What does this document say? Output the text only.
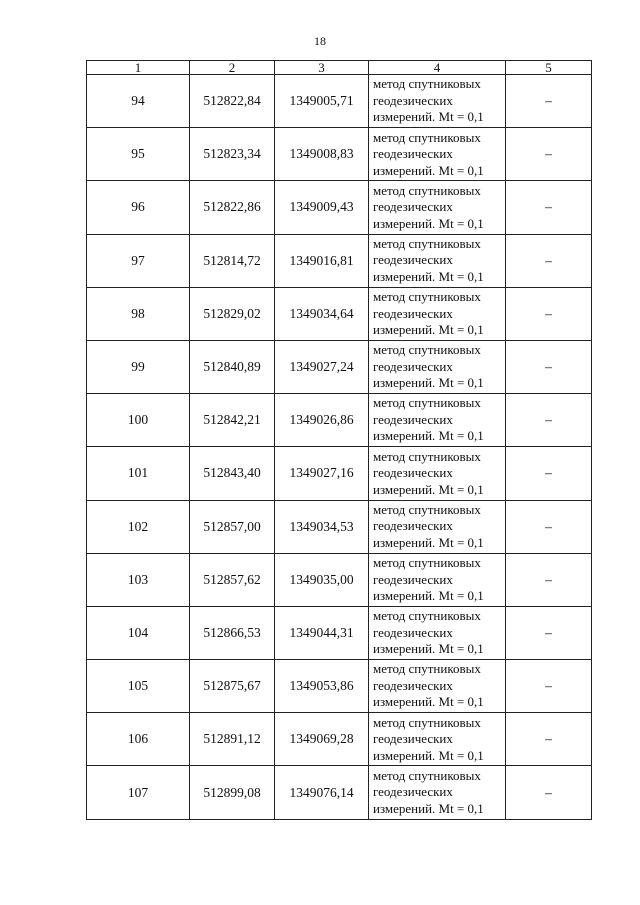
18
1	2	3	4	5
94	512822,84	1349005,71	метод спутниковых
геодезических
измерений. Mt = 0,1	–
95	512823,34	1349008,83	метод спутниковых
геодезических
измерений. Mt = 0,1	–
96	512822,86	1349009,43	метод спутниковых
геодезических
измерений. Mt = 0,1	–
97	512814,72	1349016,81	метод спутниковых
геодезических
измерений. Mt = 0,1	–
98	512829,02	1349034,64	метод спутниковых
геодезических
измерений. Mt = 0,1	–
99	512840,89	1349027,24	метод спутниковых
геодезических
измерений. Mt = 0,1	–
100	512842,21	1349026,86	метод спутниковых
геодезических
измерений. Mt = 0,1	–
101	512843,40	1349027,16	метод спутниковых
геодезических
измерений. Mt = 0,1	–
102	512857,00	1349034,53	метод спутниковых
геодезических
измерений. Mt = 0,1	–
103	512857,62	1349035,00	метод спутниковых
геодезических
измерений. Mt = 0,1	–
104	512866,53	1349044,31	метод спутниковых
геодезических
измерений. Mt = 0,1	–
105	512875,67	1349053,86	метод спутниковых
геодезических
измерений. Mt = 0,1	–
106	512891,12	1349069,28	метод спутниковых
геодезических
измерений. Mt = 0,1	–
107	512899,08	1349076,14	метод спутниковых
геодезических
измерений. Mt = 0,1	–
